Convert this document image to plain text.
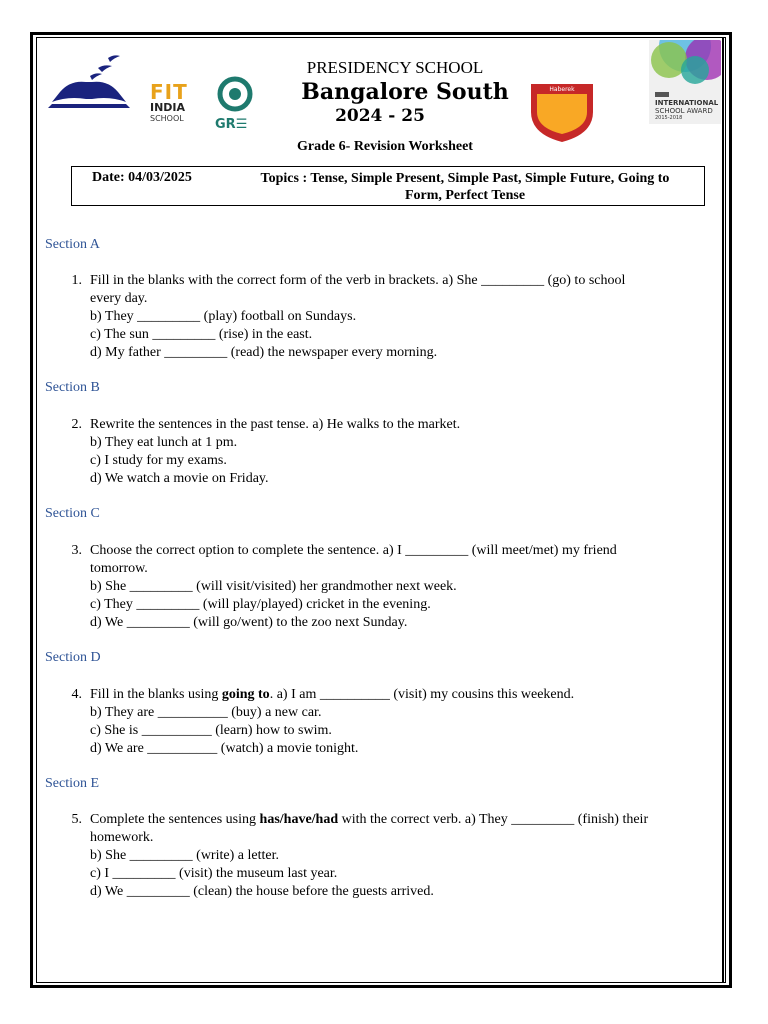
FIT
INDIA
SCHOOL	GR☰
PRESIDENCY SCHOOL
Bangalore South
2024 - 25
Haberek
INTERNATIONAL
SCHOOL AWARD
2015-2018
Grade 6- Revision Worksheet
Date: 04/03/2025	Topics : Tense, Simple Present, Simple Past, Simple Future, Going to
Form, Perfect Tense
Section A
1. Fill in the blanks with the correct form of the verb in brackets. a) She _________ (go) to school
every day.
b) They _________ (play) football on Sundays.
c) The sun _________ (rise) in the east.
d) My father _________ (read) the newspaper every morning.
Section B
2. Rewrite the sentences in the past tense. a) He walks to the market.
b) They eat lunch at 1 pm.
c) I study for my exams.
d) We watch a movie on Friday.
Section C
3. Choose the correct option to complete the sentence. a) I _________ (will meet/met) my friend
tomorrow.
b) She _________ (will visit/visited) her grandmother next week.
c) They _________ (will play/played) cricket in the evening.
d) We _________ (will go/went) to the zoo next Sunday.
Section D
4. Fill in the blanks using going to. a) I am __________ (visit) my cousins this weekend.
b) They are __________ (buy) a new car.
c) She is __________ (learn) how to swim.
d) We are __________ (watch) a movie tonight.
Section E
5. Complete the sentences using has/have/had with the correct verb. a) They _________ (finish) their
homework.
b) She _________ (write) a letter.
c) I _________ (visit) the museum last year.
d) We _________ (clean) the house before the guests arrived.
